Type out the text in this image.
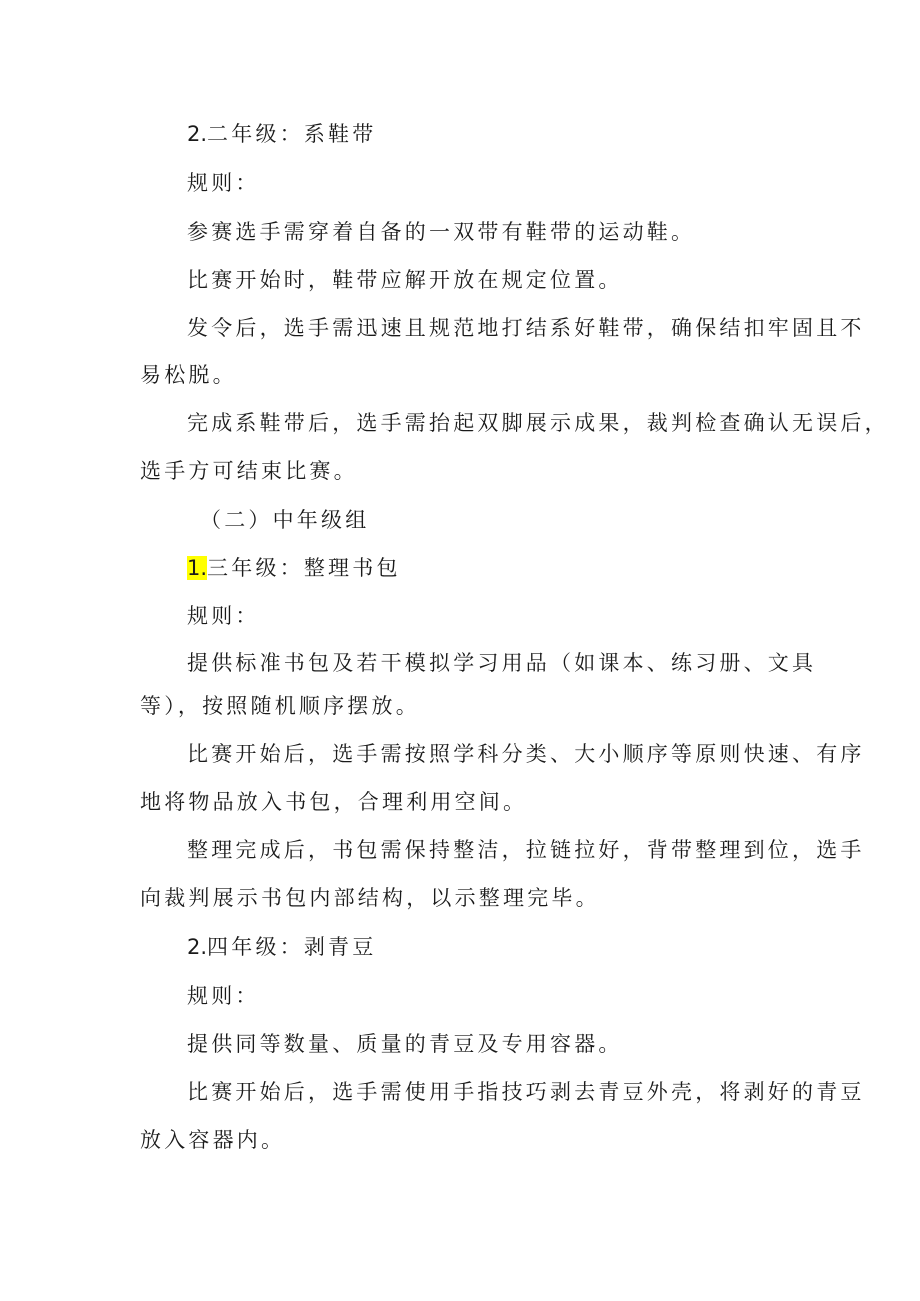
2.二年级：系鞋带
规则：
参赛选手需穿着自备的一双带有鞋带的运动鞋。
比赛开始时，鞋带应解开放在规定位置。
发令后，选手需迅速且规范地打结系好鞋带，确保结扣牢固且不
易松脱。
完成系鞋带后，选手需抬起双脚展示成果，裁判检查确认无误后，
选手方可结束比赛。
（二）中年级组
1.三年级：整理书包
规则：
提供标准书包及若干模拟学习用品（如课本、练习册、文具
等），按照随机顺序摆放。
比赛开始后，选手需按照学科分类、大小顺序等原则快速、有序
地将物品放入书包，合理利用空间。
整理完成后，书包需保持整洁，拉链拉好，背带整理到位，选手
向裁判展示书包内部结构，以示整理完毕。
2.四年级：剥青豆
规则：
提供同等数量、质量的青豆及专用容器。
比赛开始后，选手需使用手指技巧剥去青豆外壳，将剥好的青豆
放入容器内。
